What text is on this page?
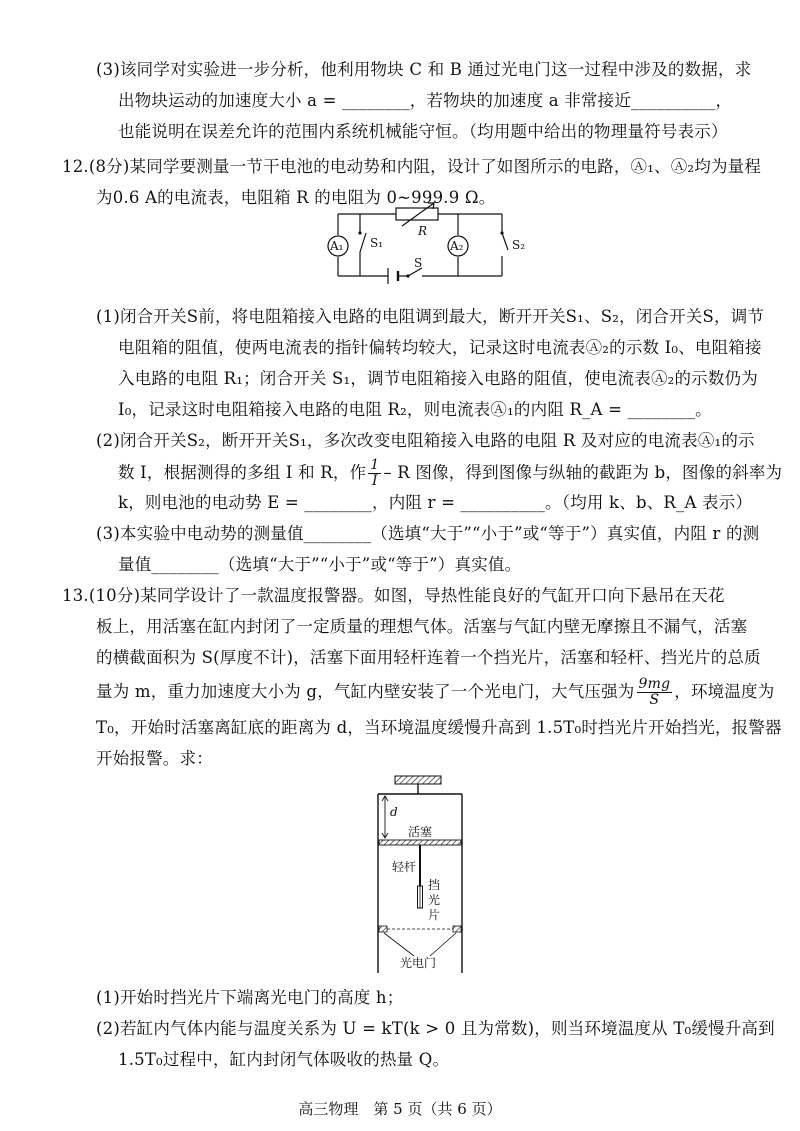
(3)该同学对实验进一步分析，他利用物块 C 和 B 通过光电门这一过程中涉及的数据，求
出物块运动的加速度大小 a = ________，若物块的加速度 a 非常接近__________，
也能说明在误差允许的范围内系统机械能守恒。（均用题中给出的物理量符号表示）
12.(8分)某同学要测量一节干电池的电动势和内阻，设计了如图所示的电路，Ⓐ₁、Ⓐ₂均为量程
为0.6 A的电流表，电阻箱 R 的电阻为 0~999.9 Ω。
A₁	A₂
R
S₁	S₂
S
(1)闭合开关S前，将电阻箱接入电路的电阻调到最大，断开开关S₁、S₂，闭合开关S，调节
电阻箱的阻值，使两电流表的指针偏转均较大，记录这时电流表Ⓐ₂的示数 I₀、电阻箱接
入电路的电阻 R₁；闭合开关 S₁，调节电阻箱接入电路的阻值，使电流表Ⓐ₂的示数仍为
I₀，记录这时电阻箱接入电路的电阻 R₂，则电流表Ⓐ₁的内阻 R_A = ________。
(2)闭合开关S₂，断开开关S₁，多次改变电阻箱接入电路的电阻 R 及对应的电流表Ⓐ₁的示
数 I，根据测得的多组 I 和 R，作 $\frac{1}{I}$ – R 图像，得到图像与纵轴的截距为 b，图像的斜率为
k，则电池的电动势 E = ________，内阻 r = __________。（均用 k、b、R_A 表示）
(3)本实验中电动势的测量值________（选填“大于”“小于”或“等于”）真实值，内阻 r 的测
量值________（选填“大于”“小于”或“等于”）真实值。
13.(10分)某同学设计了一款温度报警器。如图，导热性能良好的气缸开口向下悬吊在天花
板上，用活塞在缸内封闭了一定质量的理想气体。活塞与气缸内壁无摩擦且不漏气，活塞
的横截面积为 S(厚度不计)，活塞下面用轻杆连着一个挡光片，活塞和轻杆、挡光片的总质
量为 m，重力加速度大小为 g，气缸内壁安装了一个光电门，大气压强为 $\frac{9mg}{S}$ ，环境温度为
T₀，开始时活塞离缸底的距离为 d，当环境温度缓慢升高到 1.5T₀时挡光片开始挡光，报警器
开始报警。求：
d
活塞
轻杆
挡
光
片
光电门
(1)开始时挡光片下端离光电门的高度 h；
(2)若缸内气体内能与温度关系为 U = kT(k > 0 且为常数)，则当环境温度从 T₀缓慢升高到
1.5T₀过程中，缸内封闭气体吸收的热量 Q。
高三物理　第 5 页（共 6 页）
